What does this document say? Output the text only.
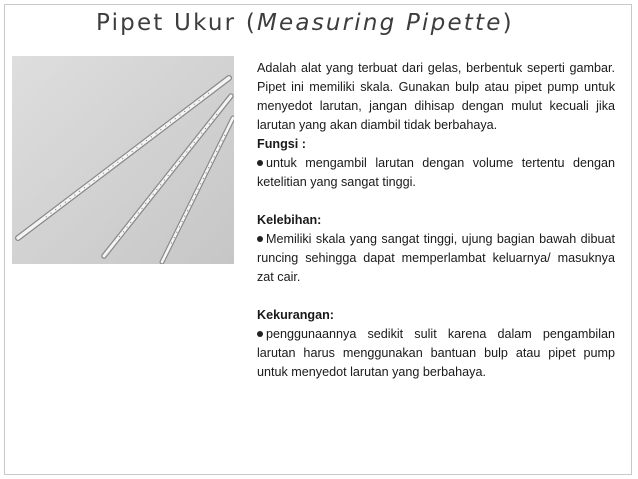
Pipet Ukur (Measuring Pipette)

Adalah alat yang terbuat dari gelas, berbentuk seperti gambar. Pipet ini memiliki skala. Gunakan bulp atau pipet pump untuk menyedot larutan, jangan dihisap dengan mulut kecuali jika larutan yang akan diambil tidak berbahaya.

Fungsi :

untuk mengambil larutan dengan volume tertentu dengan ketelitian yang sangat tinggi.

Kelebihan:

Memiliki skala yang sangat tinggi, ujung bagian bawah dibuat runcing sehingga dapat memperlambat keluarnya/ masuknya zat cair.

Kekurangan:

penggunaannya sedikit sulit karena dalam pengambilan larutan harus menggunakan bantuan bulp atau pipet pump untuk menyedot larutan yang berbahaya.
